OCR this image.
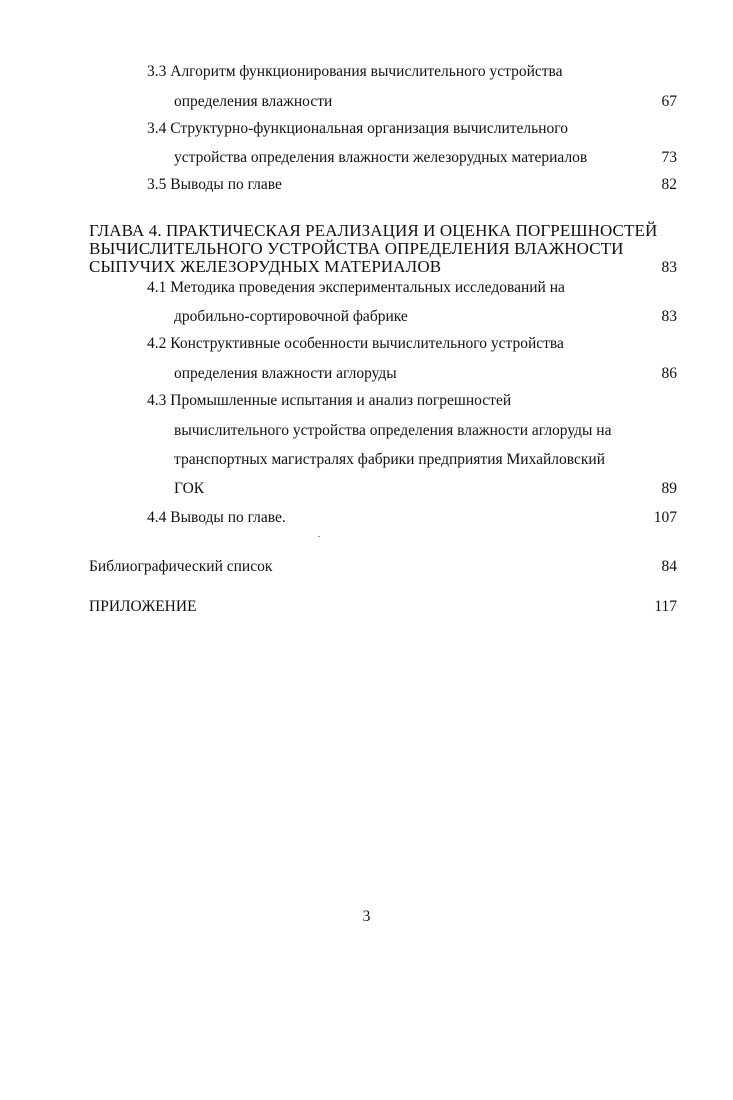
3.3 Алгоритм функционирования вычислительного устройства
определения влажности	67
3.4 Структурно-функциональная организация вычислительного
устройства определения влажности железорудных материалов	73
3.5 Выводы по главе	82
ГЛАВА 4. ПРАКТИЧЕСКАЯ РЕАЛИЗАЦИЯ И ОЦЕНКА ПОГРЕШНОСТЕЙ
ВЫЧИСЛИТЕЛЬНОГО УСТРОЙСТВА ОПРЕДЕЛЕНИЯ ВЛАЖНОСТИ
СЫПУЧИХ ЖЕЛЕЗОРУДНЫХ МАТЕРИАЛОВ	83
4.1 Методика проведения экспериментальных исследований на
дробильно-сортировочной фабрике	83
4.2 Конструктивные особенности вычислительного устройства
определения влажности аглоруды	86
4.3 Промышленные испытания и анализ погрешностей
вычислительного устройства определения влажности аглоруды на
транспортных магистралях фабрики предприятия Михайловский
ГОК	89
4.4 Выводы по главе.	107
Библиографический список	84
ПРИЛОЖЕНИЕ	117
3
